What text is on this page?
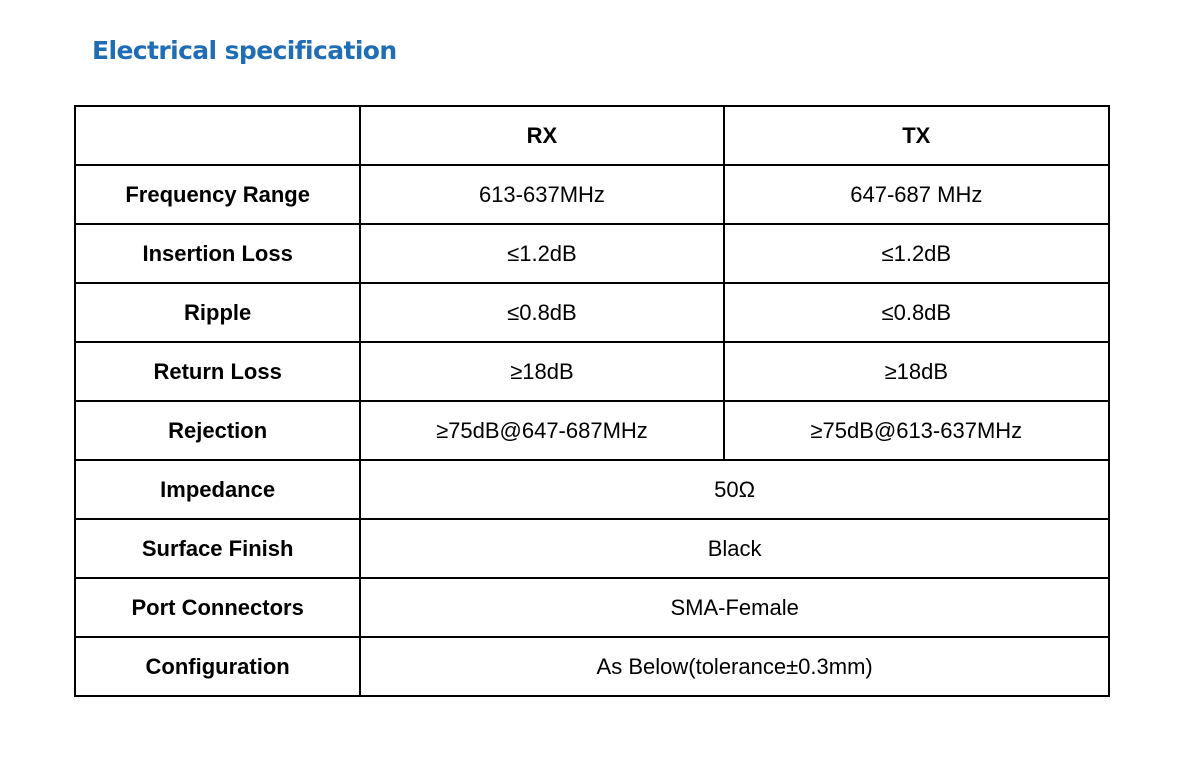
Electrical specification
	RX	TX
Frequency Range	613-637MHz	647-687 MHz
Insertion Loss	≤1.2dB	≤1.2dB
Ripple	≤0.8dB	≤0.8dB
Return Loss	≥18dB	≥18dB
Rejection	≥75dB@647-687MHz	≥75dB@613-637MHz
Impedance	50Ω	
Surface Finish	Black	
Port Connectors	SMA-Female	
Configuration	As Below(tolerance±0.3mm)	
